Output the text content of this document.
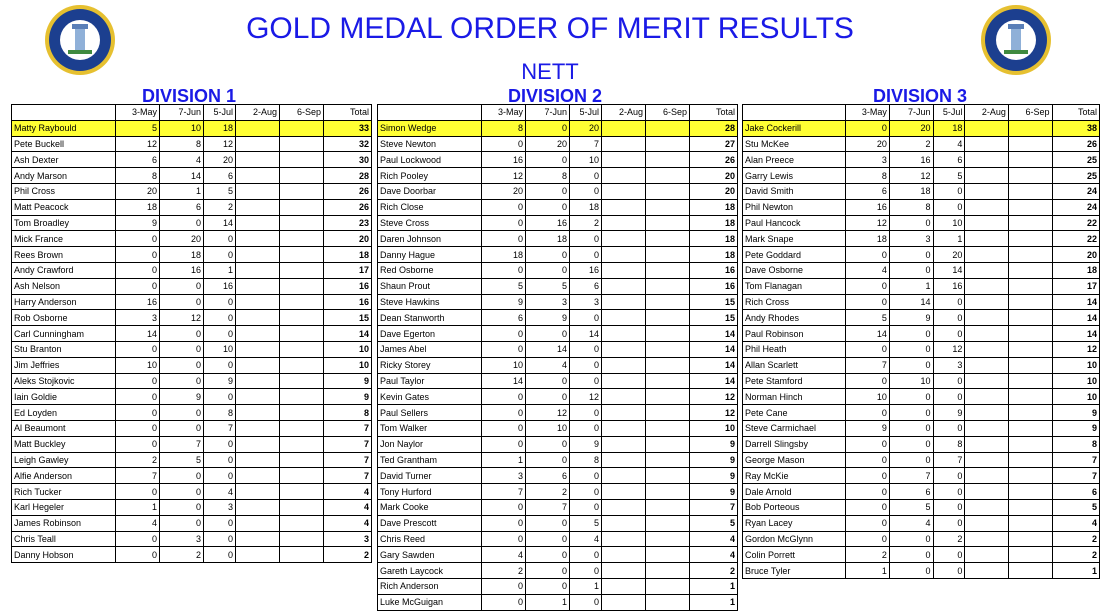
GOLD MEDAL ORDER OF MERIT RESULTS
NETT
DIVISION 1	DIVISION 2	DIVISION 3
	3-May	7-Jun	5-Jul	2-Aug	6-Sep	Total
Matty Raybould	5	10	18			33
Pete Buckell	12	8	12			32
Ash Dexter	6	4	20			30
Andy Marson	8	14	6			28
Phil Cross	20	1	5			26
Matt Peacock	18	6	2			26
Tom Broadley	9	0	14			23
Mick France	0	20	0			20
Rees Brown	0	18	0			18
Andy Crawford	0	16	1			17
Ash Nelson	0	0	16			16
Harry Anderson	16	0	0			16
Rob Osborne	3	12	0			15
Carl Cunningham	14	0	0			14
Stu Branton	0	0	10			10
Jim Jeffries	10	0	0			10
Aleks Stojkovic	0	0	9			9
Iain Goldie	0	9	0			9
Ed Loyden	0	0	8			8
Al Beaumont	0	0	7			7
Matt Buckley	0	7	0			7
Leigh Gawley	2	5	0			7
Alfie Anderson	7	0	0			7
Rich Tucker	0	0	4			4
Karl Hegeler	1	0	3			4
James Robinson	4	0	0			4
Chris Teall	0	3	0			3
Danny Hobson	0	2	0			2
	3-May	7-Jun	5-Jul	2-Aug	6-Sep	Total
Simon Wedge	8	0	20			28
Steve Newton	0	20	7			27
Paul Lockwood	16	0	10			26
Rich Pooley	12	8	0			20
Dave Doorbar	20	0	0			20
Rich Close	0	0	18			18
Steve Cross	0	16	2			18
Daren Johnson	0	18	0			18
Danny Hague	18	0	0			18
Red Osborne	0	0	16			16
Shaun Prout	5	5	6			16
Steve Hawkins	9	3	3			15
Dean Stanworth	6	9	0			15
Dave Egerton	0	0	14			14
James Abel	0	14	0			14
Ricky Storey	10	4	0			14
Paul Taylor	14	0	0			14
Kevin Gates	0	0	12			12
Paul Sellers	0	12	0			12
Tom Walker	0	10	0			10
Jon Naylor	0	0	9			9
Ted Grantham	1	0	8			9
David Turner	3	6	0			9
Tony Hurford	7	2	0			9
Mark Cooke	0	7	0			7
Dave Prescott	0	0	5			5
Chris Reed	0	0	4			4
Gary Sawden	4	0	0			4
Gareth Laycock	2	0	0			2
Rich Anderson	0	0	1			1
Luke McGuigan	0	1	0			1
	3-May	7-Jun	5-Jul	2-Aug	6-Sep	Total
Jake Cockerill	0	20	18			38
Stu McKee	20	2	4			26
Alan Preece	3	16	6			25
Garry Lewis	8	12	5			25
David Smith	6	18	0			24
Phil Newton	16	8	0			24
Paul Hancock	12	0	10			22
Mark Snape	18	3	1			22
Pete Goddard	0	0	20			20
Dave Osborne	4	0	14			18
Tom Flanagan	0	1	16			17
Rich Cross	0	14	0			14
Andy Rhodes	5	9	0			14
Paul Robinson	14	0	0			14
Phil Heath	0	0	12			12
Allan Scarlett	7	0	3			10
Pete Stamford	0	10	0			10
Norman Hinch	10	0	0			10
Pete Cane	0	0	9			9
Steve Carmichael	9	0	0			9
Darrell Slingsby	0	0	8			8
George Mason	0	0	7			7
Ray McKie	0	7	0			7
Dale Arnold	0	6	0			6
Bob Porteous	0	5	0			5
Ryan Lacey	0	4	0			4
Gordon McGlynn	0	0	2			2
Colin Porrett	2	0	0			2
Bruce Tyler	1	0	0			1
